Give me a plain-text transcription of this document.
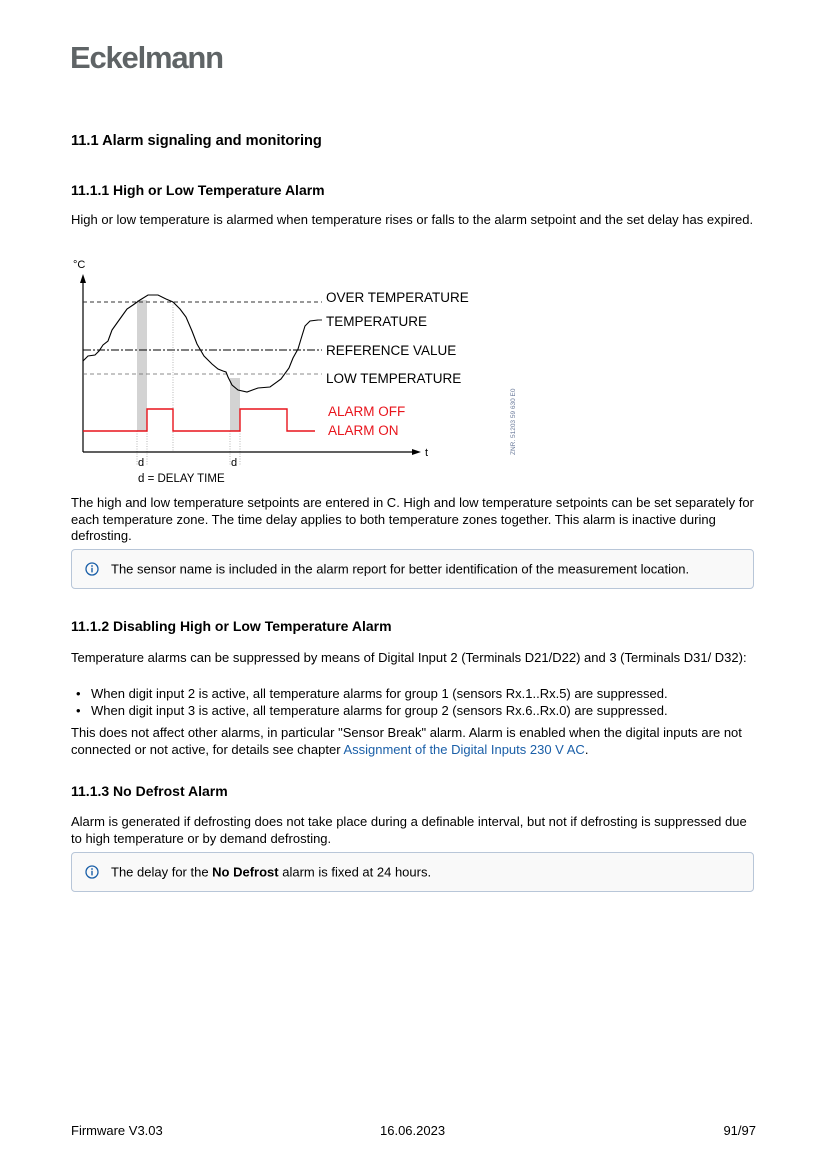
Eckelmann
11.1 Alarm signaling and monitoring
11.1.1 High or Low Temperature Alarm
High or low temperature is alarmed when temperature rises or falls to the alarm setpoint and the set delay has expired.
°C
t
OVER TEMPERATURE
TEMPERATURE
REFERENCE VALUE
LOW TEMPERATURE
ALARM OFF
ALARM ON
d	d
d = DELAY TIME
ZNR. 51203 59 630 E0
The high and low temperature setpoints are entered in C. High and low temperature setpoints can be set separately for each temperature zone. The time delay applies to both temperature zones together. This alarm is inactive during defrosting.
The sensor name is included in the alarm report for better identification of the measurement location.
11.1.2 Disabling High or Low Temperature Alarm
Temperature alarms can be suppressed by means of Digital Input 2 (Terminals D21/D22) and 3 (Terminals D31/ D32):
• When digit input 2 is active, all temperature alarms for group 1 (sensors Rx.1..Rx.5) are suppressed.
• When digit input 3 is active, all temperature alarms for group 2 (sensors Rx.6..Rx.0) are suppressed.
This does not affect other alarms, in particular "Sensor Break" alarm. Alarm is enabled when the digital inputs are not connected or not active, for details see chapter Assignment of the Digital Inputs 230 V AC.
11.1.3 No Defrost Alarm
Alarm is generated if defrosting does not take place during a definable interval, but not if defrosting is suppressed due to high temperature or by demand defrosting.
The delay for the No Defrost alarm is fixed at 24 hours.
Firmware V3.03	16.06.2023	91/97
